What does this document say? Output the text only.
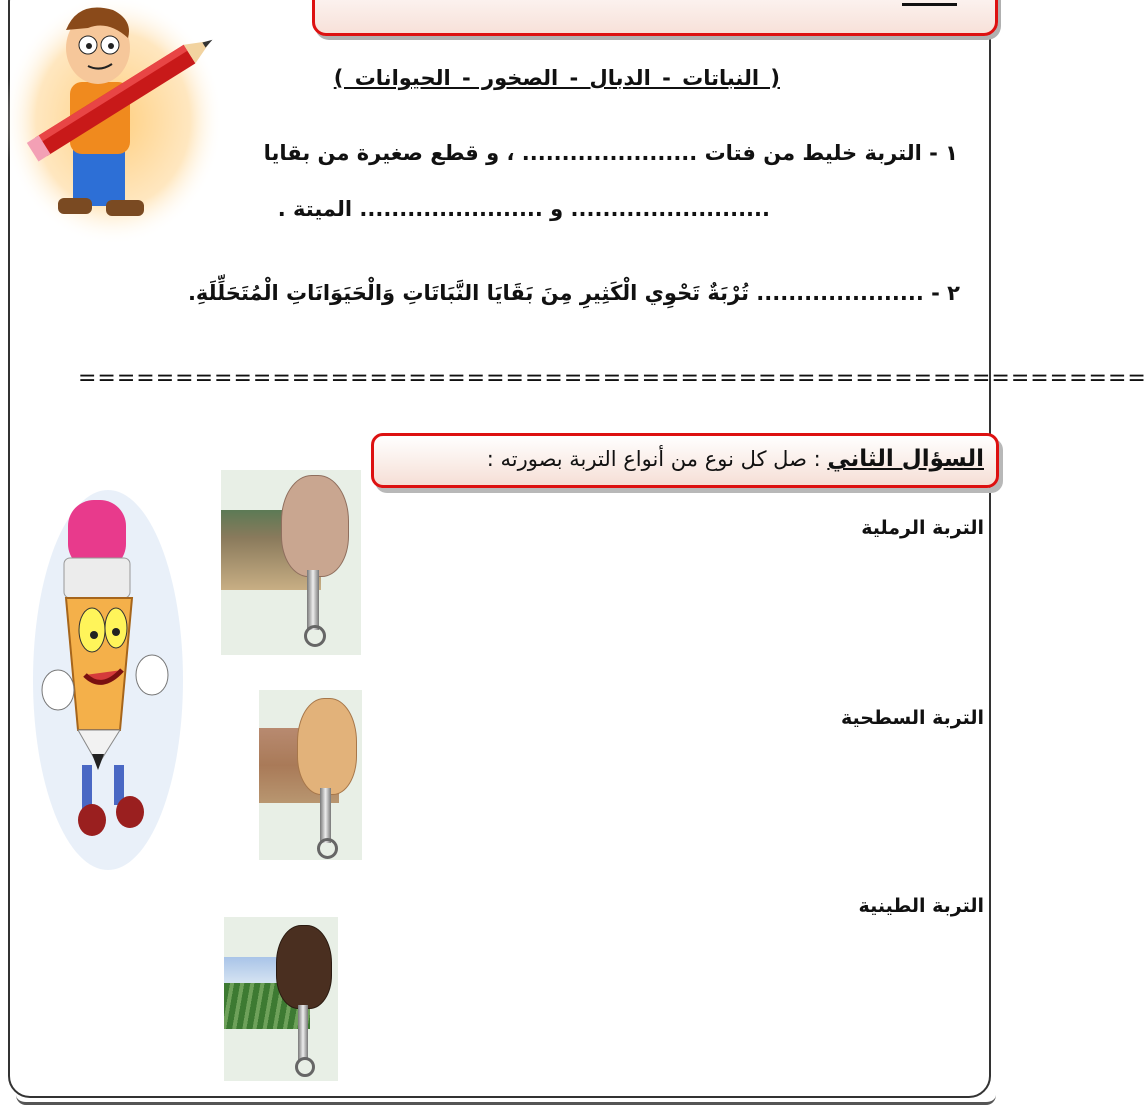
( النباتات - الدبال - الصخور - الحيوانات )
١ - التربة خليط من فتات ...................... ، و قطع صغيرة من بقايا
......................... و ....................... الميتة .
٢ - ..................... تُرْبَةٌ تَحْوِي الْكَثِيرِ مِنَ بَقَايَا النَّبَاتَاتِ وَالْحَيَوَانَاتِ الْمُتَحَلِّلَةِ.
=======================================================
السؤال الثاني : صل كل نوع من أنواع التربة بصورته :
التربة الرملية
التربة السطحية
التربة الطينية
